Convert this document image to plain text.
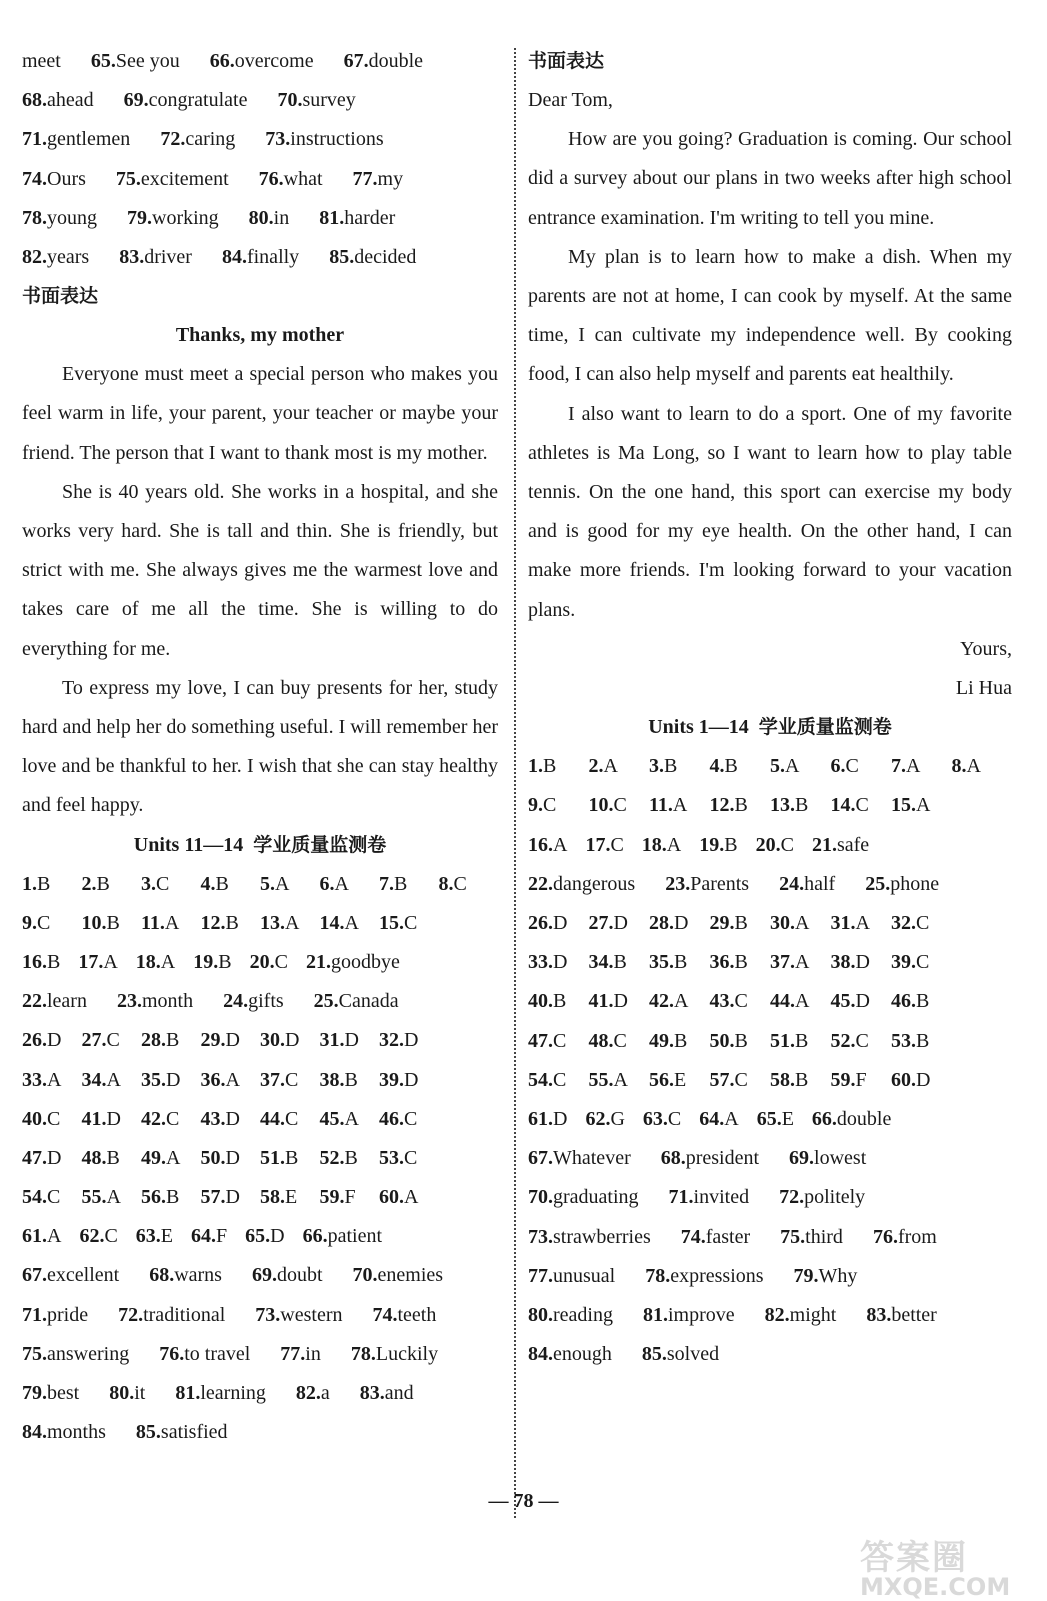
meet 65.See you 66.overcome 67.double
68.ahead 69.congratulate 70.survey
71.gentlemen 72.caring 73.instructions
74.Ours 75.excitement 76.what 77.my
78.young 79.working 80.in 81.harder
82.years 83.driver 84.finally 85.decided
书面表达
Thanks, my mother

Everyone must meet a special person who makes you feel warm in life, your parent, your teacher or maybe your friend. The person that I want to thank most is my mother.

She is 40 years old. She works in a hospital, and she works very hard. She is tall and thin. She is friendly, but strict with me. She always gives me the warmest love and takes care of me all the time. She is willing to do everything for me.

To express my love, I can buy presents for her, study hard and help her do something useful. I will remember her love and be thankful to her. I wish that she can stay healthy and feel happy.

Units 11—14 学业质量监测卷
1.B 2.B 3.C 4.B 5.A 6.A 7.B 8.C
9.C 10.B 11.A 12.B 13.A 14.A 15.C
16.B 17.A 18.A 19.B 20.C 21.goodbye
22.learn 23.month 24.gifts 25.Canada
26.D 27.C 28.B 29.D 30.D 31.D 32.D
33.A 34.A 35.D 36.A 37.C 38.B 39.D
40.C 41.D 42.C 43.D 44.C 45.A 46.C
47.D 48.B 49.A 50.D 51.B 52.B 53.C
54.C 55.A 56.B 57.D 58.E 59.F 60.A
61.A 62.C 63.E 64.F 65.D 66.patient
67.excellent 68.warns 69.doubt 70.enemies
71.pride 72.traditional 73.western 74.teeth
75.answering 76.to travel 77.in 78.Luckily
79.best 80.it 81.learning 82.a 83.and
84.months 85.satisfied
书面表达

Dear Tom,

How are you going? Graduation is coming. Our school did a survey about our plans in two weeks after high school entrance examination. I'm writing to tell you mine.

My plan is to learn how to make a dish. When my parents are not at home, I can cook by myself. At the same time, I can cultivate my independence well. By cooking food, I can also help myself and parents eat healthily.

I also want to learn to do a sport. One of my favorite athletes is Ma Long, so I want to learn how to play table tennis. On the one hand, this sport can exercise my body and is good for my eye health. On the other hand, I can make more friends. I'm looking forward to your vacation plans.

Yours,

Li Hua

Units 1—14 学业质量监测卷
1.B 2.A 3.B 4.B 5.A 6.C 7.A 8.A
9.C 10.C 11.A 12.B 13.B 14.C 15.A
16.A 17.C 18.A 19.B 20.C 21.safe
22.dangerous 23.Parents 24.half 25.phone
26.D 27.D 28.D 29.B 30.A 31.A 32.C
33.D 34.B 35.B 36.B 37.A 38.D 39.C
40.B 41.D 42.A 43.C 44.A 45.D 46.B
47.C 48.C 49.B 50.B 51.B 52.C 53.B
54.C 55.A 56.E 57.C 58.B 59.F 60.D
61.D 62.G 63.C 64.A 65.E 66.double
67.Whatever 68.president 69.lowest
70.graduating 71.invited 72.politely
73.strawberries 74.faster 75.third 76.from
77.unusual 78.expressions 79.Why
80.reading 81.improve 82.might 83.better
84.enough 85.solved
— 78 —
答案圈
MXQE.COM
